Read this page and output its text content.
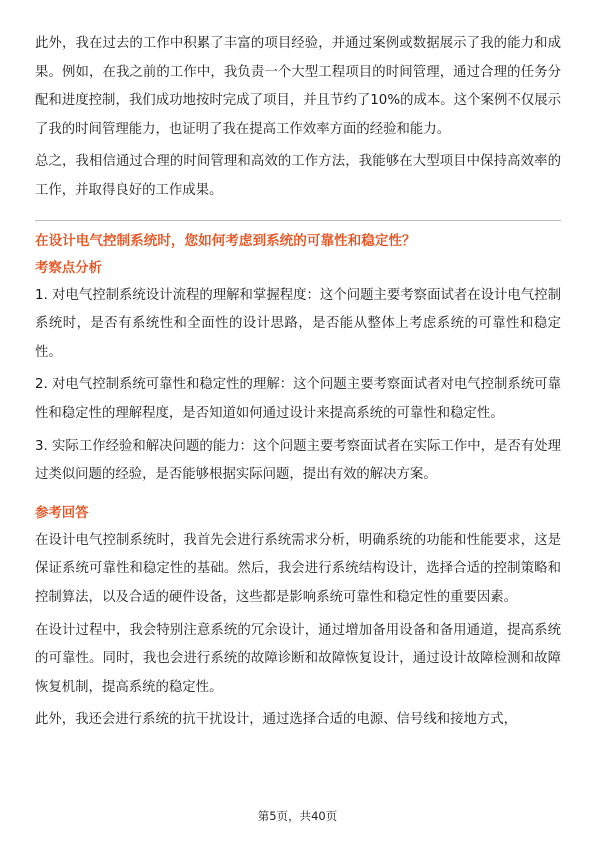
此外，我在过去的工作中积累了丰富的项目经验，并通过案例或数据展示了我的能力和成果。例如，在我之前的工作中，我负责一个大型工程项目的时间管理，通过合理的任务分配和进度控制，我们成功地按时完成了项目，并且节约了10%的成本。这个案例不仅展示了我的时间管理能力，也证明了我在提高工作效率方面的经验和能力。

总之，我相信通过合理的时间管理和高效的工作方法，我能够在大型项目中保持高效率的工作，并取得良好的工作成果。

在设计电气控制系统时，您如何考虑到系统的可靠性和稳定性？

考察点分析

1. 对电气控制系统设计流程的理解和掌握程度：这个问题主要考察面试者在设计电气控制系统时，是否有系统性和全面性的设计思路，是否能从整体上考虑系统的可靠性和稳定性。

2. 对电气控制系统可靠性和稳定性的理解：这个问题主要考察面试者对电气控制系统可靠性和稳定性的理解程度，是否知道如何通过设计来提高系统的可靠性和稳定性。

3. 实际工作经验和解决问题的能力：这个问题主要考察面试者在实际工作中，是否有处理过类似问题的经验，是否能够根据实际问题，提出有效的解决方案。

参考回答

在设计电气控制系统时，我首先会进行系统需求分析，明确系统的功能和性能要求，这是保证系统可靠性和稳定性的基础。然后，我会进行系统结构设计，选择合适的控制策略和控制算法，以及合适的硬件设备，这些都是影响系统可靠性和稳定性的重要因素。

在设计过程中，我会特别注意系统的冗余设计，通过增加备用设备和备用通道，提高系统的可靠性。同时，我也会进行系统的故障诊断和故障恢复设计，通过设计故障检测和故障恢复机制，提高系统的稳定性。

此外，我还会进行系统的抗干扰设计，通过选择合适的电源、信号线和接地方式，

第5页，共40页
